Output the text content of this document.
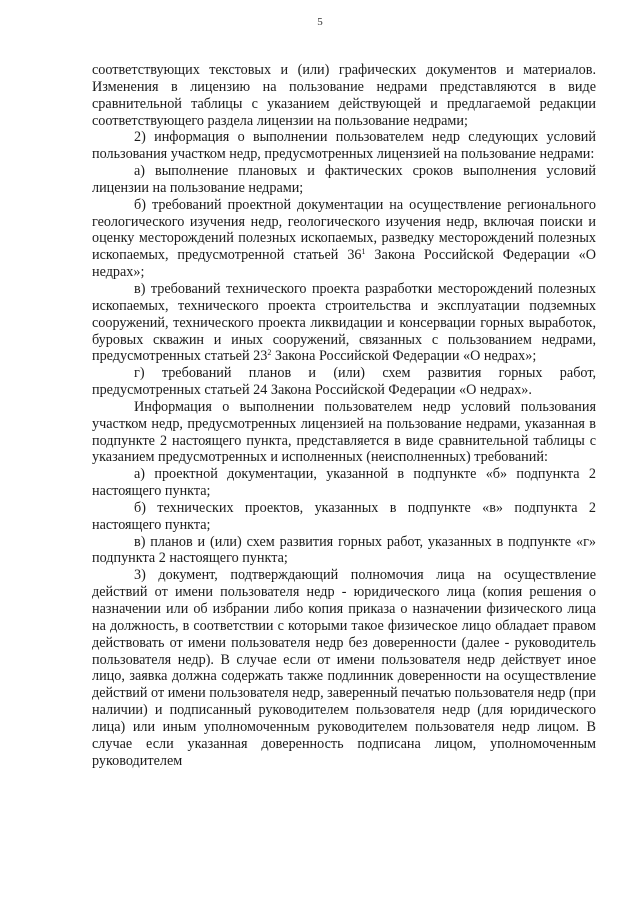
5

соответствующих текстовых и (или) графических документов и материалов. Изменения в лицензию на пользование недрами представляются в виде сравнительной таблицы с указанием действующей и предлагаемой редакции соответствующего раздела лицензии на пользование недрами;

2) информация о выполнении пользователем недр следующих условий пользования участком недр, предусмотренных лицензией на пользование недрами:

а) выполнение плановых и фактических сроков выполнения условий лицензии на пользование недрами;

б) требований проектной документации на осуществление регионального геологического изучения недр, геологического изучения недр, включая поиски и оценку месторождений полезных ископаемых, разведку месторождений полезных ископаемых, предусмотренной статьей $36^1$ Закона Российской Федерации «О недрах»;

в) требований технического проекта разработки месторождений полезных ископаемых, технического проекта строительства и эксплуатации подземных сооружений, технического проекта ликвидации и консервации горных выработок, буровых скважин и иных сооружений, связанных с пользованием недрами, предусмотренных статьей $23^2$ Закона Российской Федерации «О недрах»;

г) требований планов и (или) схем развития горных работ, предусмотренных статьей 24 Закона Российской Федерации «О недрах».

Информация о выполнении пользователем недр условий пользования участком недр, предусмотренных лицензией на пользование недрами, указанная в подпункте 2 настоящего пункта, представляется в виде сравнительной таблицы с указанием предусмотренных и исполненных (неисполненных) требований:

а) проектной документации, указанной в подпункте «б» подпункта 2 настоящего пункта;

б) технических проектов, указанных в подпункте «в» подпункта 2 настоящего пункта;

в) планов и (или) схем развития горных работ, указанных в подпункте «г» подпункта 2 настоящего пункта;

3) документ, подтверждающий полномочия лица на осуществление действий от имени пользователя недр - юридического лица (копия решения о назначении или об избрании либо копия приказа о назначении физического лица на должность, в соответствии с которыми такое физическое лицо обладает правом действовать от имени пользователя недр без доверенности (далее - руководитель пользователя недр). В случае если от имени пользователя недр действует иное лицо, заявка должна содержать также подлинник доверенности на осуществление действий от имени пользователя недр, заверенный печатью пользователя недр (при наличии) и подписанный руководителем пользователя недр (для юридического лица) или иным уполномоченным руководителем пользователя недр лицом. В случае если указанная доверенность подписана лицом, уполномоченным руководителем
